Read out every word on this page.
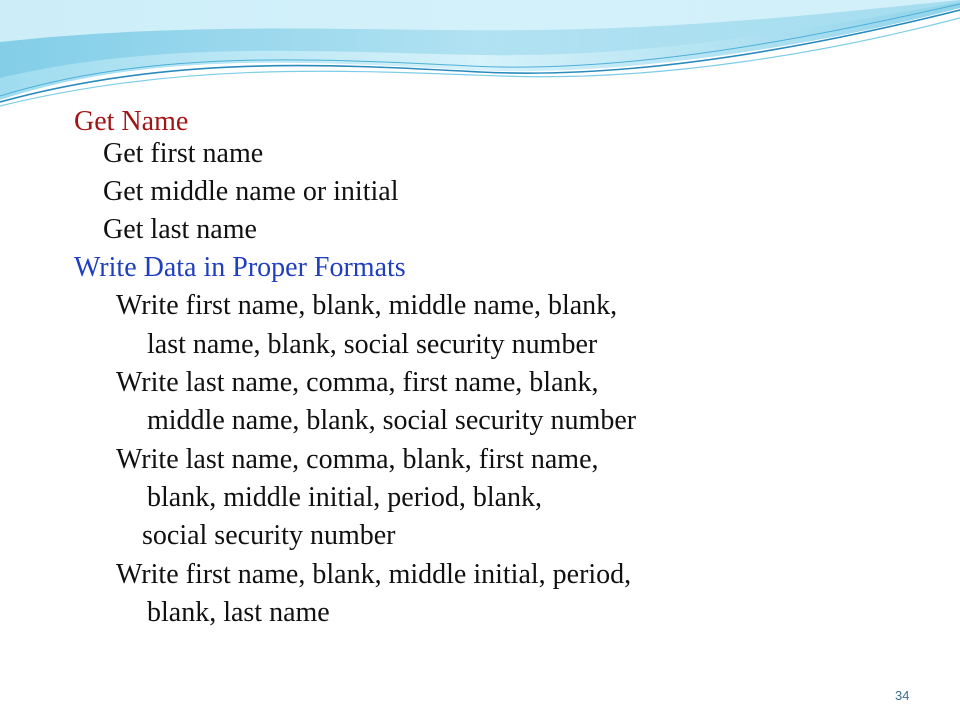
Get Name
Get first name
Get middle name or initial
Get last name
Write Data in Proper Formats
Write first name, blank, middle name, blank,
last name, blank, social security number
Write last name, comma, first name, blank,
middle name, blank, social security number
Write last name, comma, blank, first name,
blank, middle initial, period, blank,
social security number
Write first name, blank, middle initial, period,
blank, last name
34
